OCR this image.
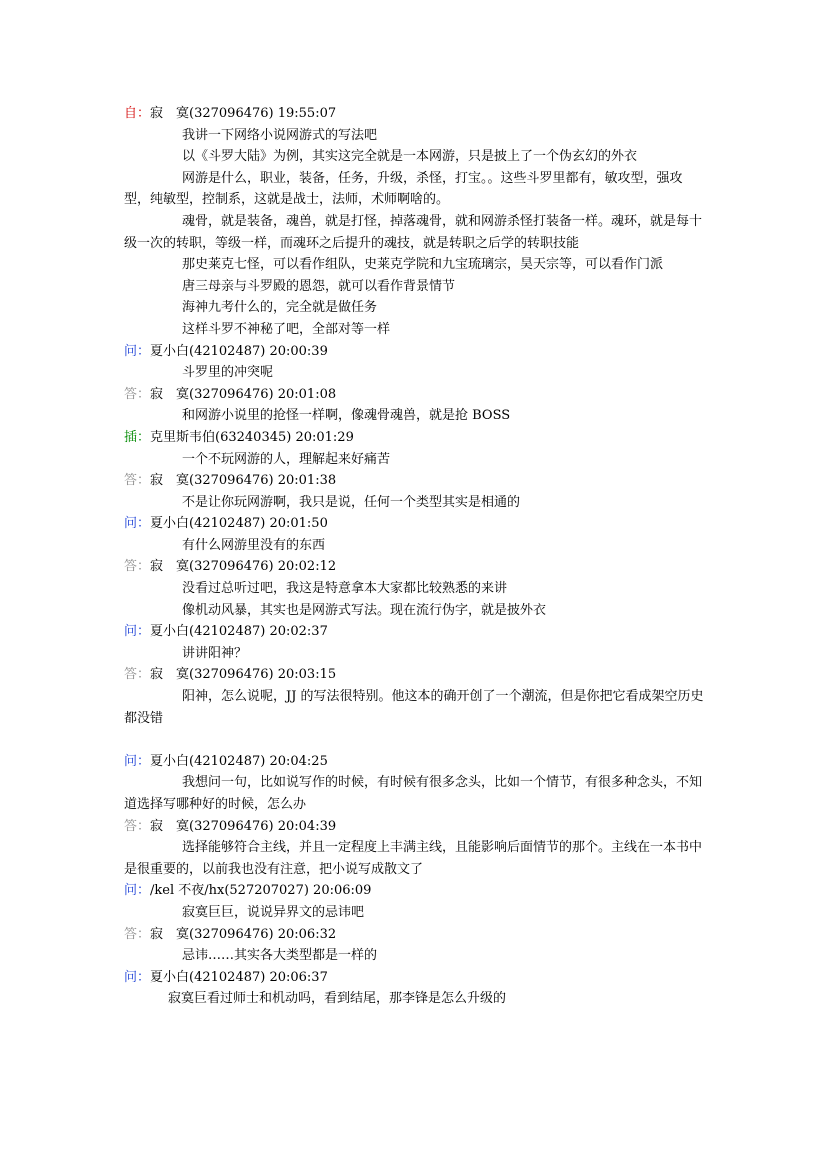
自：寂　寞(327096476) 19:55:07

我讲一下网络小说网游式的写法吧

以《斗罗大陆》为例，其实这完全就是一本网游，只是披上了一个伪玄幻的外衣

网游是什么，职业，装备，任务，升级，杀怪，打宝。。这些斗罗里都有，敏攻型，强攻型，纯敏型，控制系，这就是战士，法师，术师啊啥的。

魂骨，就是装备，魂兽，就是打怪，掉落魂骨，就和网游杀怪打装备一样。魂环，就是每十级一次的转职，等级一样，而魂环之后提升的魂技，就是转职之后学的转职技能

那史莱克七怪，可以看作组队，史莱克学院和九宝琉璃宗，昊天宗等，可以看作门派

唐三母亲与斗罗殿的恩怨，就可以看作背景情节

海神九考什么的，完全就是做任务

这样斗罗不神秘了吧，全部对等一样

问：夏小白(42102487) 20:00:39

斗罗里的冲突呢

答：寂　寞(327096476) 20:01:08

和网游小说里的抢怪一样啊，像魂骨魂兽，就是抢 BOSS

插：克里斯韦伯(63240345) 20:01:29

一个不玩网游的人，理解起来好痛苦

答：寂　寞(327096476) 20:01:38

不是让你玩网游啊，我只是说，任何一个类型其实是相通的

问：夏小白(42102487) 20:01:50

有什么网游里没有的东西

答：寂　寞(327096476) 20:02:12

没看过总听过吧，我这是特意拿本大家都比较熟悉的来讲

像机动风暴，其实也是网游式写法。现在流行伪字，就是披外衣

问：夏小白(42102487) 20:02:37

讲讲阳神？

答：寂　寞(327096476) 20:03:15

阳神，怎么说呢，JJ 的写法很特别。他这本的确开创了一个潮流，但是你把它看成架空历史都没错

问：夏小白(42102487) 20:04:25

我想问一句，比如说写作的时候，有时候有很多念头，比如一个情节，有很多种念头，不知道选择写哪种好的时候，怎么办

答：寂　寞(327096476) 20:04:39

选择能够符合主线，并且一定程度上丰满主线，且能影响后面情节的那个。主线在一本书中是很重要的，以前我也没有注意，把小说写成散文了

问：/kel 不夜/hx(527207027) 20:06:09

寂寞巨巨，说说异界文的忌讳吧

答：寂　寞(327096476) 20:06:32

忌讳……其实各大类型都是一样的

问：夏小白(42102487) 20:06:37

寂寞巨看过师士和机动吗，看到结尾，那李锋是怎么升级的
